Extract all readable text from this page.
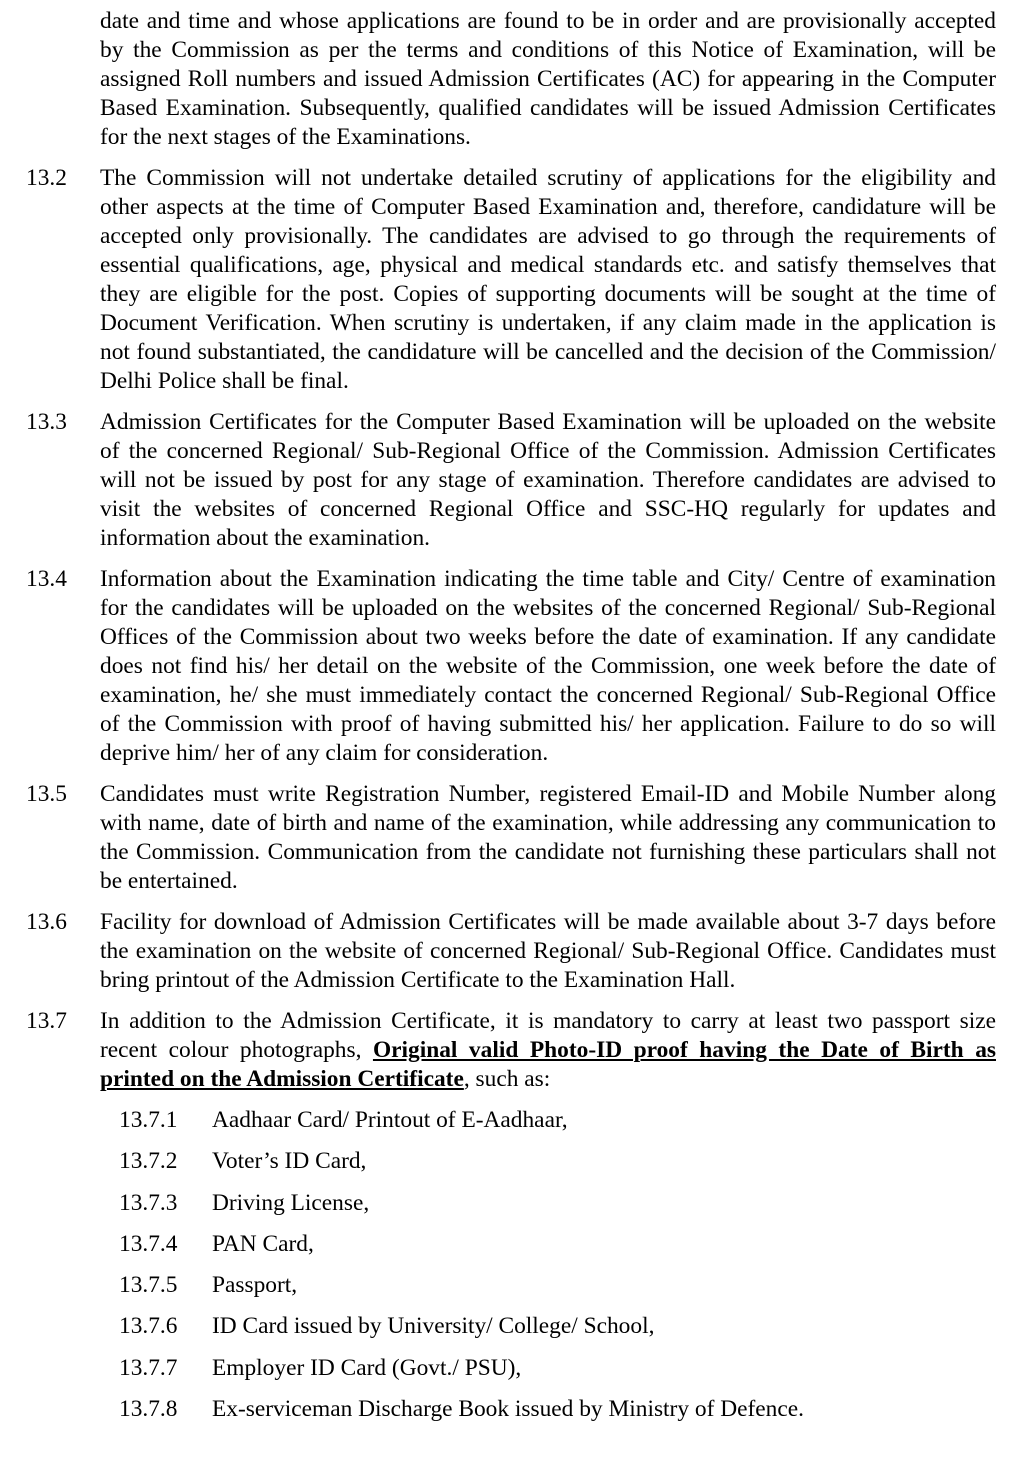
date and time and whose applications are found to be in order and are provisionally accepted by the Commission as per the terms and conditions of this Notice of Examination, will be assigned Roll numbers and issued Admission Certificates (AC) for appearing in the Computer Based Examination. Subsequently, qualified candidates will be issued Admission Certificates for the next stages of the Examinations.

13.2	The Commission will not undertake detailed scrutiny of applications for the eligibility and other aspects at the time of Computer Based Examination and, therefore, candidature will be accepted only provisionally. The candidates are advised to go through the requirements of essential qualifications, age, physical and medical standards etc. and satisfy themselves that they are eligible for the post. Copies of supporting documents will be sought at the time of Document Verification. When scrutiny is undertaken, if any claim made in the application is not found substantiated, the candidature will be cancelled and the decision of the Commission/ Delhi Police shall be final.
13.3	Admission Certificates for the Computer Based Examination will be uploaded on the website of the concerned Regional/ Sub-Regional Office of the Commission. Admission Certificates will not be issued by post for any stage of examination. Therefore candidates are advised to visit the websites of concerned Regional Office and SSC-HQ regularly for updates and information about the examination.
13.4	Information about the Examination indicating the time table and City/ Centre of examination for the candidates will be uploaded on the websites of the concerned Regional/ Sub-Regional Offices of the Commission about two weeks before the date of examination. If any candidate does not find his/ her detail on the website of the Commission, one week before the date of examination, he/ she must immediately contact the concerned Regional/ Sub-Regional Office of the Commission with proof of having submitted his/ her application. Failure to do so will deprive him/ her of any claim for consideration.
13.5	Candidates must write Registration Number, registered Email-ID and Mobile Number along with name, date of birth and name of the examination, while addressing any communication to the Commission. Communication from the candidate not furnishing these particulars shall not be entertained.
13.6	Facility for download of Admission Certificates will be made available about 3-7 days before the examination on the website of concerned Regional/ Sub-Regional Office. Candidates must bring printout of the Admission Certificate to the Examination Hall.
13.7	In addition to the Admission Certificate, it is mandatory to carry at least two passport size recent colour photographs, Original valid Photo-ID proof having the Date of Birth as printed on the Admission Certificate, such as:
13.7.1 Aadhaar Card/ Printout of E-Aadhaar,
13.7.2 Voter’s ID Card,
13.7.3 Driving License,
13.7.4 PAN Card,
13.7.5 Passport,
13.7.6 ID Card issued by University/ College/ School,
13.7.7 Employer ID Card (Govt./ PSU),
13.7.8 Ex-serviceman Discharge Book issued by Ministry of Defence.
